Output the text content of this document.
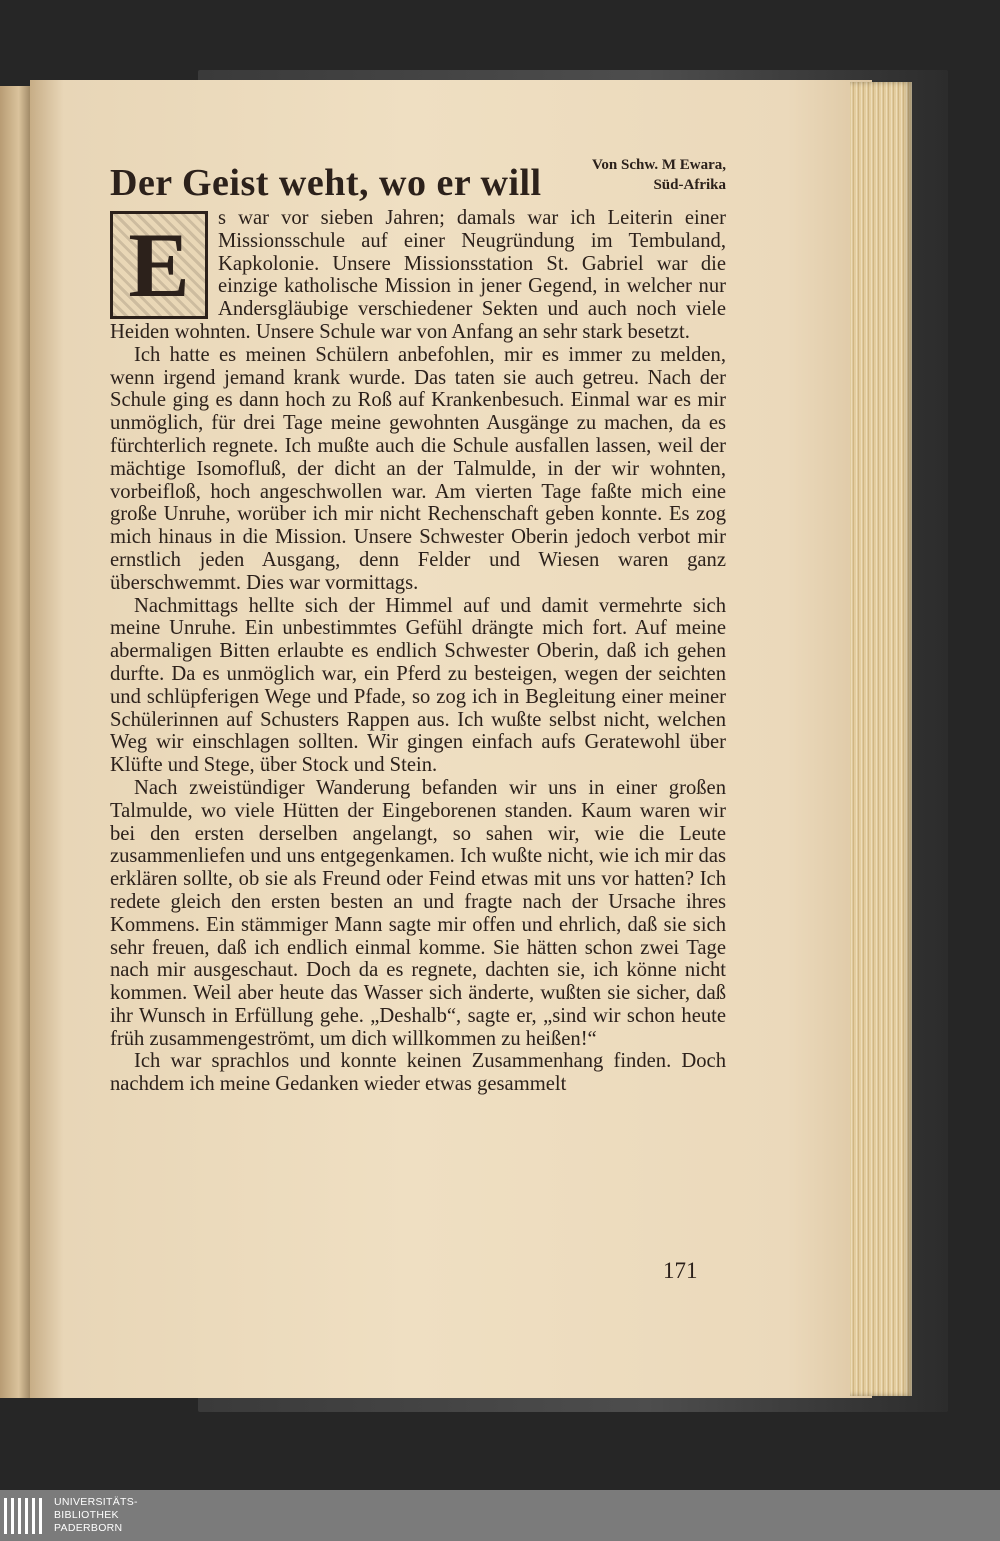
Der Geist weht, wo er will	Von Schw. M Ewara,
Süd-Afrika
E	s war vor sieben Jahren; damals war ich Leiterin einer Missionsschule auf einer Neugründung im Tembuland, Kapkolonie. Unsere Missionsstation St. Gabriel war die einzige katholische Mission in jener Gegend, in welcher nur Andersgläubige verschiedener Sekten und auch noch viele Heiden wohnten. Unsere Schule war von Anfang an sehr stark besetzt.

Ich hatte es meinen Schülern anbefohlen, mir es immer zu melden, wenn irgend jemand krank wurde. Das taten sie auch getreu. Nach der Schule ging es dann hoch zu Roß auf Krankenbesuch. Einmal war es mir unmöglich, für drei Tage meine gewohnten Ausgänge zu machen, da es fürchterlich regnete. Ich mußte auch die Schule ausfallen lassen, weil der mächtige Isomofluß, der dicht an der Talmulde, in der wir wohnten, vorbeifloß, hoch angeschwollen war. Am vierten Tage faßte mich eine große Unruhe, worüber ich mir nicht Rechenschaft geben konnte. Es zog mich hinaus in die Mission. Unsere Schwester Oberin jedoch verbot mir ernstlich jeden Ausgang, denn Felder und Wiesen waren ganz überschwemmt. Dies war vormittags.

Nachmittags hellte sich der Himmel auf und damit vermehrte sich meine Unruhe. Ein unbestimmtes Gefühl drängte mich fort. Auf meine abermaligen Bitten erlaubte es endlich Schwester Oberin, daß ich gehen durfte. Da es unmöglich war, ein Pferd zu besteigen, wegen der seichten und schlüpferigen Wege und Pfade, so zog ich in Begleitung einer meiner Schülerinnen auf Schusters Rappen aus. Ich wußte selbst nicht, welchen Weg wir einschlagen sollten. Wir gingen einfach aufs Geratewohl über Klüfte und Stege, über Stock und Stein.

Nach zweistündiger Wanderung befanden wir uns in einer großen Talmulde, wo viele Hütten der Eingeborenen standen. Kaum waren wir bei den ersten derselben angelangt, so sahen wir, wie die Leute zusammenliefen und uns entgegenkamen. Ich wußte nicht, wie ich mir das erklären sollte, ob sie als Freund oder Feind etwas mit uns vor hatten? Ich redete gleich den ersten besten an und fragte nach der Ursache ihres Kommens. Ein stämmiger Mann sagte mir offen und ehrlich, daß sie sich sehr freuen, daß ich endlich einmal komme. Sie hätten schon zwei Tage nach mir ausgeschaut. Doch da es regnete, dachten sie, ich könne nicht kommen. Weil aber heute das Wasser sich änderte, wußten sie sicher, daß ihr Wunsch in Erfüllung gehe. „Deshalb“, sagte er, „sind wir schon heute früh zusammengeströmt, um dich willkommen zu heißen!“

Ich war sprachlos und konnte keinen Zusammenhang finden. Doch nachdem ich meine Gedanken wieder etwas gesammelt

171
UNIVERSITÄTS-
BIBLIOTHEK
PADERBORN
